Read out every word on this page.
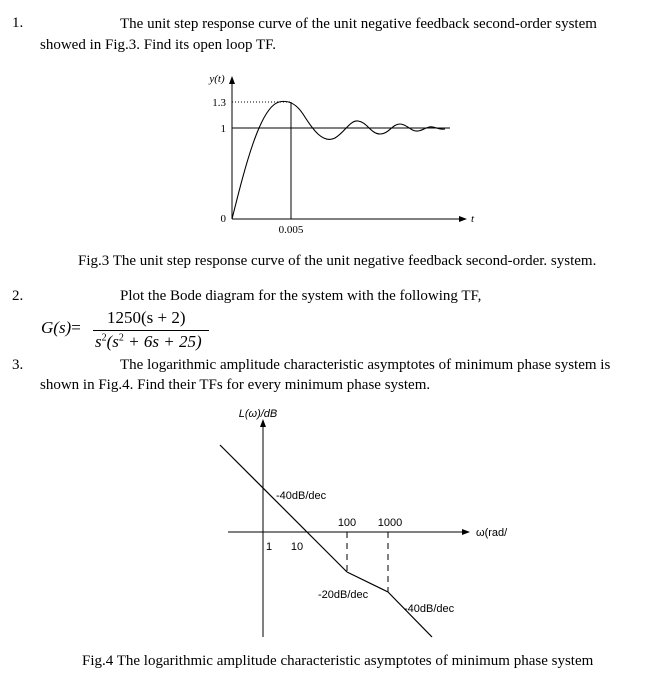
1.	The unit step response curve of the unit negative feedback second-order system
showed in Fig.3. Find its open loop TF.
y(t)
1.3
1
0
0.005
t
Fig.3 The unit step response curve of the unit negative feedback second-order. system.
2.	Plot the Bode diagram for the system with the following TF,
G(s)=
1250(s + 2)
$s^2(s^2 + 6s + 25)$
3.	The logarithmic amplitude characteristic asymptotes of minimum phase system is
shown in Fig.4. Find their TFs for every minimum phase system.
L(ω)/dB
ω(rad/
100 1000
1 10
-40dB/dec
-20dB/dec
-40dB/dec
Fig.4 The logarithmic amplitude characteristic asymptotes of minimum phase system
